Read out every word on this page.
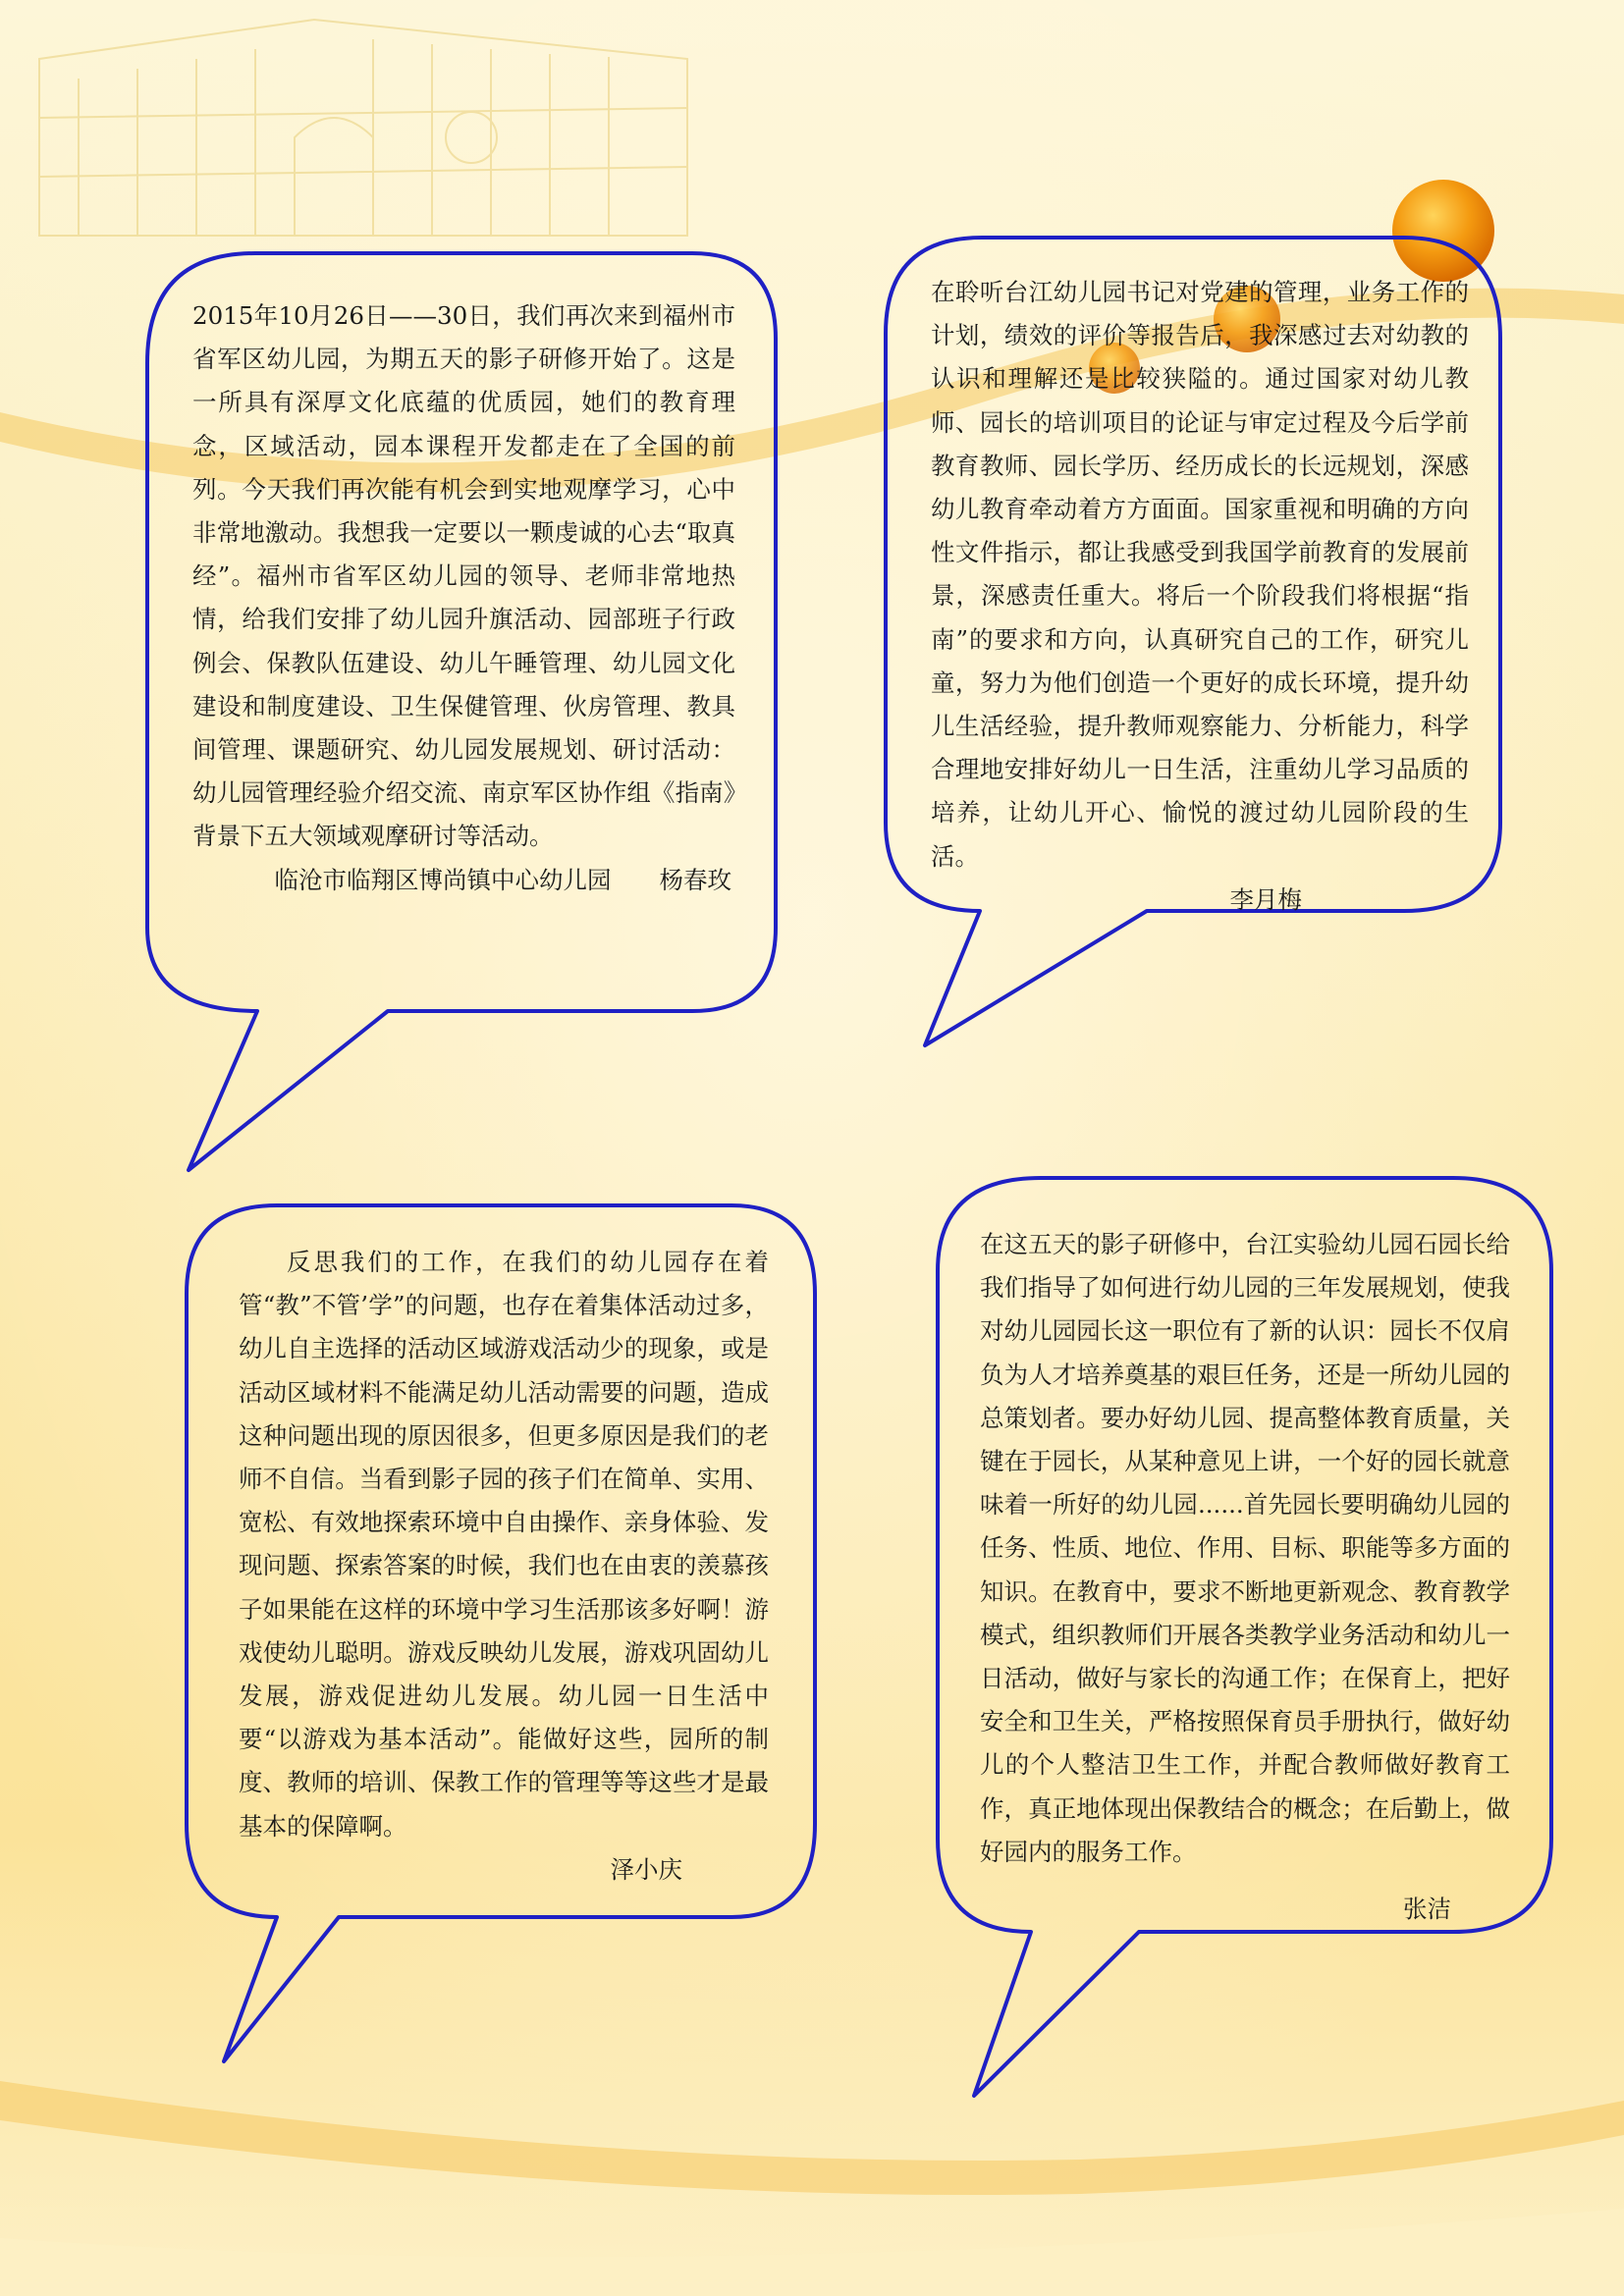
2015年10月26日——30日，我们再次来到福州市省军区幼儿园，为期五天的影子研修开始了。这是一所具有深厚文化底蕴的优质园，她们的教育理念，区域活动，园本课程开发都走在了全国的前列。今天我们再次能有机会到实地观摩学习，心中非常地激动。我想我一定要以一颗虔诚的心去“取真经”。福州市省军区幼儿园的领导、老师非常地热情，给我们安排了幼儿园升旗活动、园部班子行政例会、保教队伍建设、幼儿午睡管理、幼儿园文化建设和制度建设、卫生保健管理、伙房管理、教具间管理、课题研究、幼儿园发展规划、研讨活动：幼儿园管理经验介绍交流、南京军区协作组《指南》背景下五大领域观摩研讨等活动。

临沧市临翔区博尚镇中心幼儿园　　杨春玫

在聆听台江幼儿园书记对党建的管理，业务工作的计划，绩效的评价等报告后，我深感过去对幼教的认识和理解还是比较狭隘的。通过国家对幼儿教师、园长的培训项目的论证与审定过程及今后学前教育教师、园长学历、经历成长的长远规划，深感幼儿教育牵动着方方面面。国家重视和明确的方向性文件指示，都让我感受到我国学前教育的发展前景，深感责任重大。将后一个阶段我们将根据“指南”的要求和方向，认真研究自己的工作，研究儿童，努力为他们创造一个更好的成长环境，提升幼儿生活经验，提升教师观察能力、分析能力，科学合理地安排好幼儿一日生活，注重幼儿学习品质的培养，让幼儿开心、愉悦的渡过幼儿园阶段的生活。

李月梅

反思我们的工作，在我们的幼儿园存在着管“教”不管’学”的问题，也存在着集体活动过多，幼儿自主选择的活动区域游戏活动少的现象，或是活动区域材料不能满足幼儿活动需要的问题，造成这种问题出现的原因很多，但更多原因是我们的老师不自信。当看到影子园的孩子们在简单、实用、宽松、有效地探索环境中自由操作、亲身体验、发现问题、探索答案的时候，我们也在由衷的羡慕孩子如果能在这样的环境中学习生活那该多好啊！游戏使幼儿聪明。游戏反映幼儿发展，游戏巩固幼儿发展，游戏促进幼儿发展。幼儿园一日生活中要“以游戏为基本活动”。能做好这些，园所的制度、教师的培训、保教工作的管理等等这些才是最基本的保障啊。

泽小庆

在这五天的影子研修中，台江实验幼儿园石园长给我们指导了如何进行幼儿园的三年发展规划，使我对幼儿园园长这一职位有了新的认识：园长不仅肩负为人才培养奠基的艰巨任务，还是一所幼儿园的总策划者。要办好幼儿园、提高整体教育质量，关键在于园长，从某种意见上讲，一个好的园长就意味着一所好的幼儿园......首先园长要明确幼儿园的任务、性质、地位、作用、目标、职能等多方面的知识。在教育中，要求不断地更新观念、教育教学模式，组织教师们开展各类教学业务活动和幼儿一日活动，做好与家长的沟通工作；在保育上，把好安全和卫生关，严格按照保育员手册执行，做好幼儿的个人整洁卫生工作，并配合教师做好教育工作，真正地体现出保教结合的概念；在后勤上，做好园内的服务工作。

张洁
